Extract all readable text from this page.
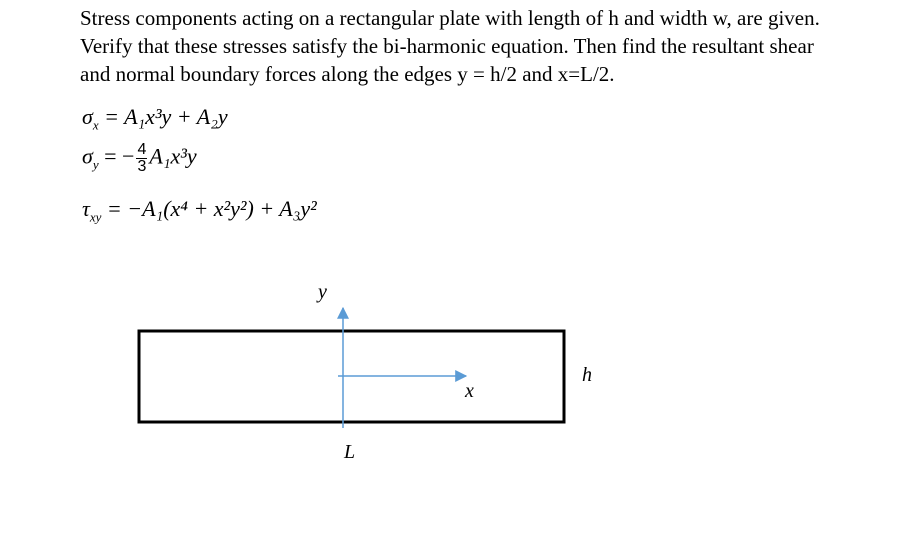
Stress components acting on a rectangular plate with length of h and width w, are given. Verify that these stresses satisfy the bi-harmonic equation. Then find the resultant shear and normal boundary forces along the edges y = h/2 and x=L/2.
$\sigma_x = A_1x^3y + A_2y$
$\sigma_y$ = − $\frac{4}{3} A_1x^3y$
$\tau_{xy} = -A_1(x^4 + x^2y^2) + A_3y^2$
y
x
L
h
